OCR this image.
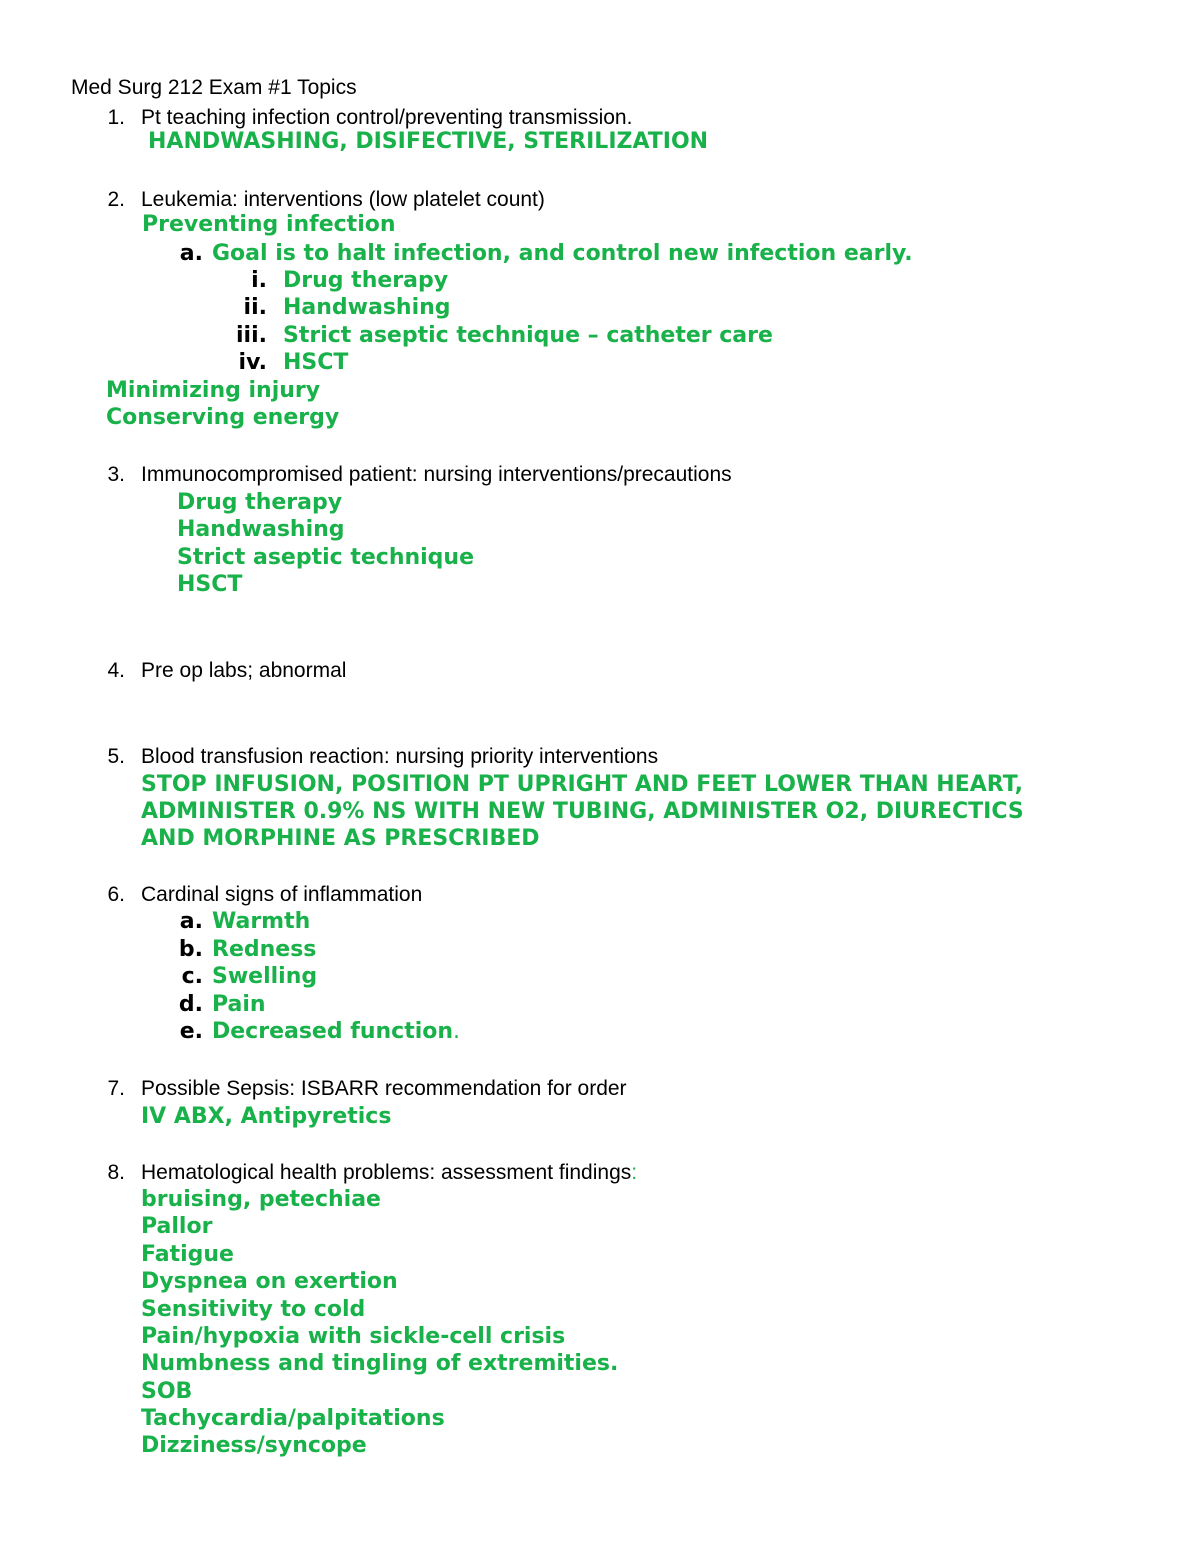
Med Surg 212 Exam #1 Topics
1. Pt teaching infection control/preventing transmission.
HANDWASHING, DISIFECTIVE, STERILIZATION
2. Leukemia: interventions (low platelet count)
Preventing infection
a. Goal is to halt infection, and control new infection early.
i. Drug therapy
ii. Handwashing
iii. Strict aseptic technique – catheter care
iv. HSCT
Minimizing injury
Conserving energy
3. Immunocompromised patient: nursing interventions/precautions
Drug therapy
Handwashing
Strict aseptic technique
HSCT
4. Pre op labs; abnormal
5. Blood transfusion reaction: nursing priority interventions
STOP INFUSION, POSITION PT UPRIGHT AND FEET LOWER THAN HEART,
ADMINISTER 0.9% NS WITH NEW TUBING, ADMINISTER O2, DIURECTICS
AND MORPHINE AS PRESCRIBED
6. Cardinal signs of inflammation
a. Warmth
b. Redness
c. Swelling
d. Pain
e. Decreased function.
7. Possible Sepsis: ISBARR recommendation for order
IV ABX, Antipyretics
8. Hematological health problems: assessment findings:
bruising, petechiae
Pallor
Fatigue
Dyspnea on exertion
Sensitivity to cold
Pain/hypoxia with sickle-cell crisis
Numbness and tingling of extremities.
SOB
Tachycardia/palpitations
Dizziness/syncope
